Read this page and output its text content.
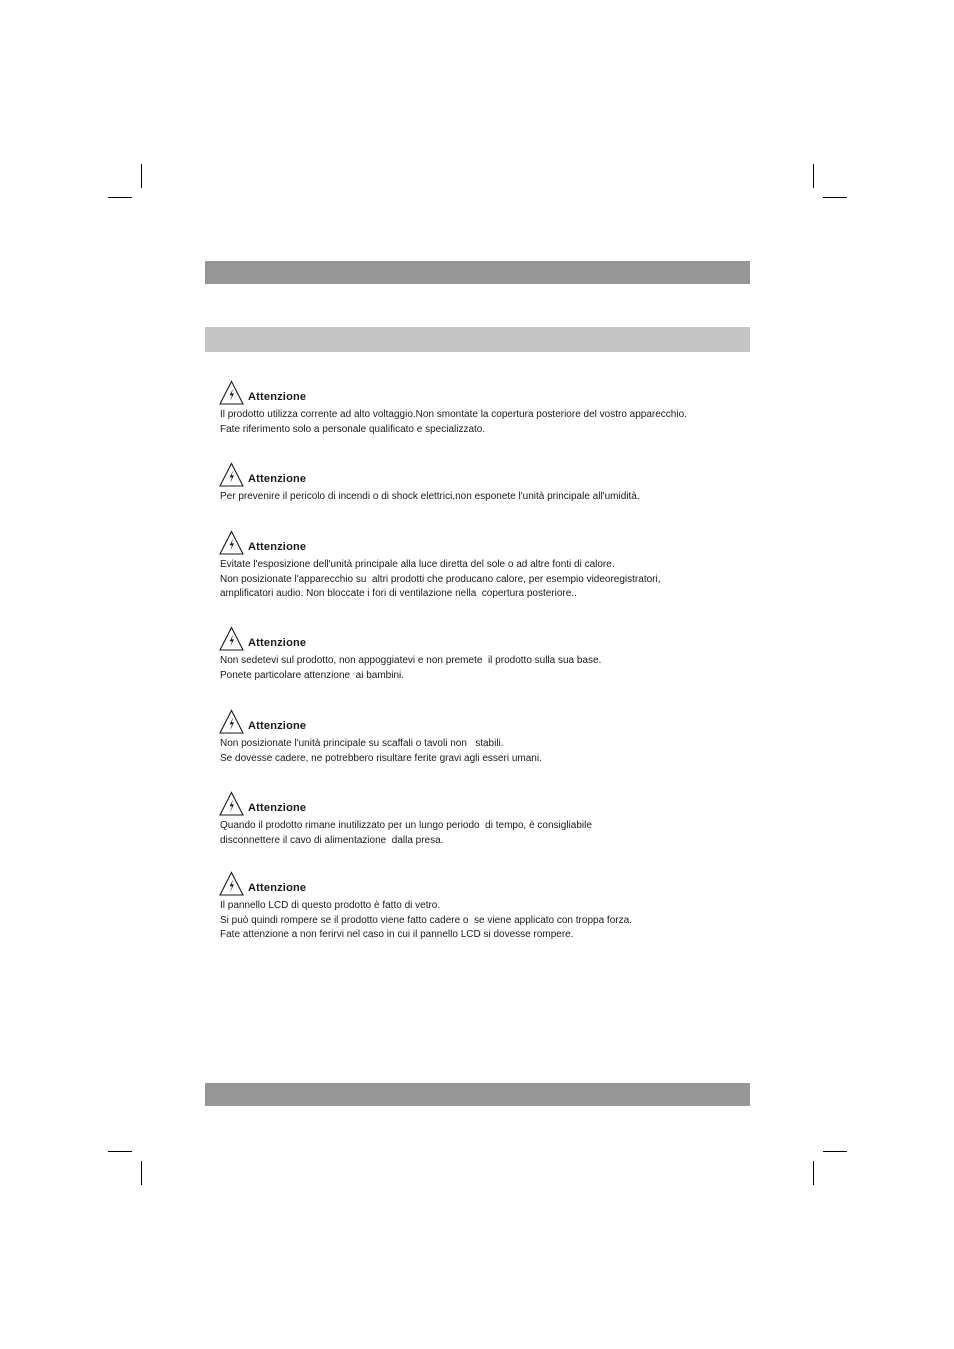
Attenzione
Il prodotto utilizza corrente ad alto voltaggio.Non smontate la copertura posteriore del vostro apparecchio.
Fate riferimento solo a personale qualificato e specializzato.
Attenzione
Per prevenire il pericolo di incendi o di shock elettrici,non esponete l'unità principale all'umidità.
Attenzione
Evitate l'esposizione dell'unità principale alla luce diretta del sole o ad altre fonti di calore.
Non posizionate l'apparecchio su  altri prodotti che producano calore, per esempio videoregistratori,
amplificatori audio. Non bloccate i fori di ventilazione nella  copertura posteriore..
Attenzione
Non sedetevi sul prodotto, non appoggiatevi e non premete  il prodotto sulla sua base.
Ponete particolare attenzione  ai bambini.
Attenzione
Non posizionate l'unità principale su scaffali o tavoli non   stabili.
Se dovesse cadere, ne potrebbero risultare ferite gravi agli esseri umani.
Attenzione
Quando il prodotto rimane inutilizzato per un lungo periodo  di tempo, è consigliabile
disconnettere il cavo di alimentazione  dalla presa.
Attenzione
Il pannello LCD di questo prodotto è fatto di vetro.
Si può quindi rompere se il prodotto viene fatto cadere o  se viene applicato con troppa forza.
Fate attenzione a non ferirvi nel caso in cui il pannello LCD si dovesse rompere.
